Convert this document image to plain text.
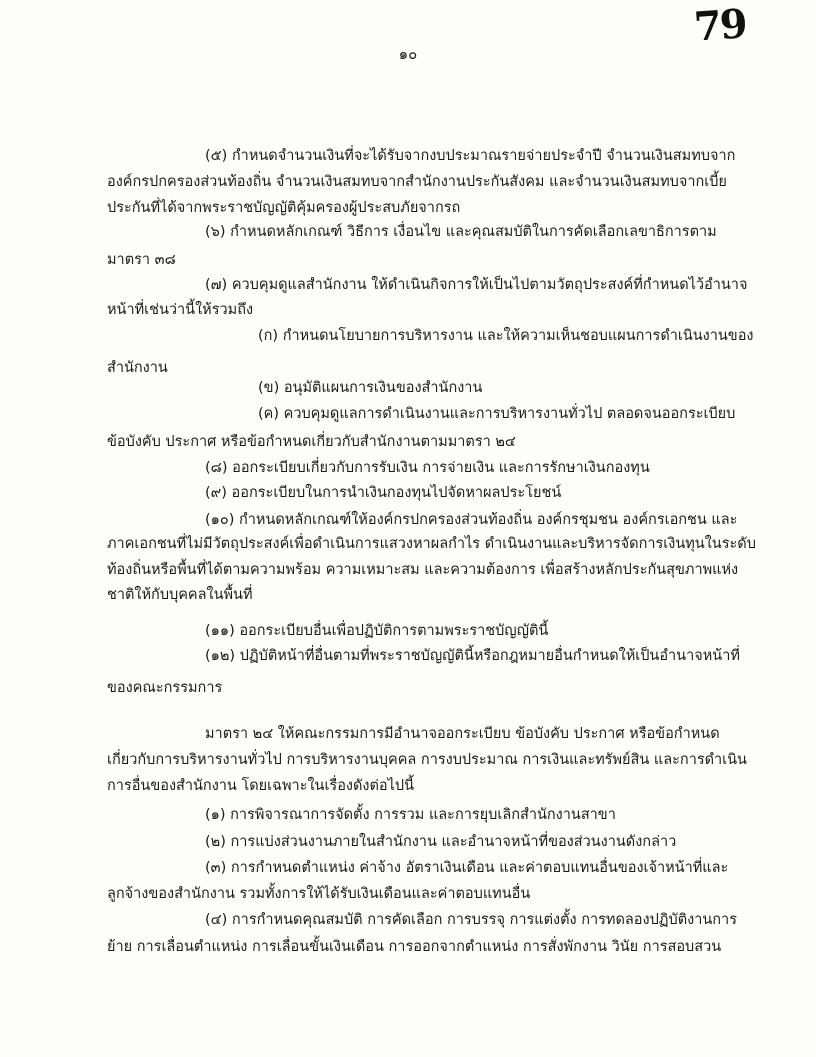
79
๑๐
(๕) กำหนดจำนวนเงินที่จะได้รับจากงบประมาณรายจ่ายประจำปี จำนวนเงินสมทบจาก
องค์กรปกครองส่วนท้องถิ่น จำนวนเงินสมทบจากสำนักงานประกันสังคม และจำนวนเงินสมทบจากเบี้ย
ประกันที่ได้จากพระราชบัญญัติคุ้มครองผู้ประสบภัยจากรถ
(๖) กำหนดหลักเกณฑ์ วิธีการ เงื่อนไข และคุณสมบัติในการคัดเลือกเลขาธิการตาม
มาตรา ๓๘
(๗) ควบคุมดูแลสำนักงาน ให้ดำเนินกิจการให้เป็นไปตามวัตถุประสงค์ที่กำหนดไว้อำนาจ
หน้าที่เช่นว่านี้ให้รวมถึง
(ก) กำหนดนโยบายการบริหารงาน และให้ความเห็นชอบแผนการดำเนินงานของ
สำนักงาน
(ข) อนุมัติแผนการเงินของสำนักงาน
(ค) ควบคุมดูแลการดำเนินงานและการบริหารงานทั่วไป ตลอดจนออกระเบียบ
ข้อบังคับ ประกาศ หรือข้อกำหนดเกี่ยวกับสำนักงานตามมาตรา ๒๔
(๘) ออกระเบียบเกี่ยวกับการรับเงิน การจ่ายเงิน และการรักษาเงินกองทุน
(๙) ออกระเบียบในการนำเงินกองทุนไปจัดหาผลประโยชน์
(๑๐) กำหนดหลักเกณฑ์ให้องค์กรปกครองส่วนท้องถิ่น องค์กรชุมชน องค์กรเอกชน และ
ภาคเอกชนที่ไม่มีวัตถุประสงค์เพื่อดำเนินการแสวงหาผลกำไร ดำเนินงานและบริหารจัดการเงินทุนในระดับ
ท้องถิ่นหรือพื้นที่ได้ตามความพร้อม ความเหมาะสม และความต้องการ เพื่อสร้างหลักประกันสุขภาพแห่ง
ชาติให้กับบุคคลในพื้นที่
(๑๑) ออกระเบียบอื่นเพื่อปฏิบัติการตามพระราชบัญญัตินี้
(๑๒) ปฏิบัติหน้าที่อื่นตามที่พระราชบัญญัตินี้หรือกฎหมายอื่นกำหนดให้เป็นอำนาจหน้าที่
ของคณะกรรมการ
มาตรา ๒๔ ให้คณะกรรมการมีอำนาจออกระเบียบ ข้อบังคับ ประกาศ หรือข้อกำหนด
เกี่ยวกับการบริหารงานทั่วไป การบริหารงานบุคคล การงบประมาณ การเงินและทรัพย์สิน และการดำเนิน
การอื่นของสำนักงาน โดยเฉพาะในเรื่องดังต่อไปนี้
(๑) การพิจารณาการจัดตั้ง การรวม และการยุบเลิกสำนักงานสาขา
(๒) การแบ่งส่วนงานภายในสำนักงาน และอำนาจหน้าที่ของส่วนงานดังกล่าว
(๓) การกำหนดตำแหน่ง ค่าจ้าง อัตราเงินเดือน และค่าตอบแทนอื่นของเจ้าหน้าที่และ
ลูกจ้างของสำนักงาน รวมทั้งการให้ได้รับเงินเดือนและค่าตอบแทนอื่น
(๔) การกำหนดคุณสมบัติ การคัดเลือก การบรรจุ การแต่งตั้ง การทดลองปฏิบัติงานการ
ย้าย การเลื่อนตำแหน่ง การเลื่อนขั้นเงินเดือน การออกจากตำแหน่ง การสั่งพักงาน วินัย การสอบสวน
